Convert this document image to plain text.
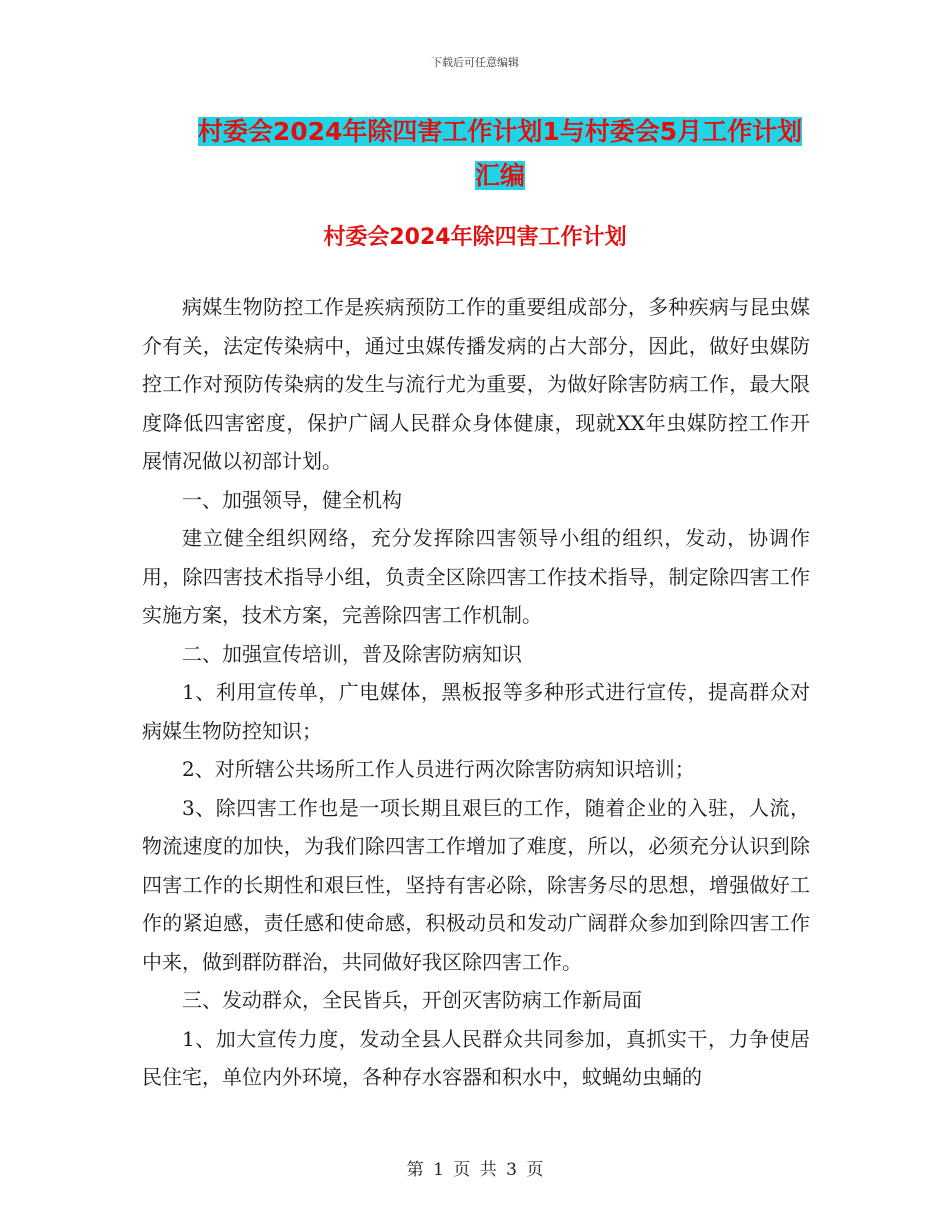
下载后可任意编辑
村委会2024年除四害工作计划1与村委会5月工作计划汇编
村委会2024年除四害工作计划

病媒生物防控工作是疾病预防工作的重要组成部分，多种疾病与昆虫媒介有关，法定传染病中，通过虫媒传播发病的占大部分，因此，做好虫媒防控工作对预防传染病的发生与流行尤为重要，为做好除害防病工作，最大限度降低四害密度，保护广阔人民群众身体健康，现就XX年虫媒防控工作开展情况做以初部计划。

一、加强领导，健全机构

建立健全组织网络，充分发挥除四害领导小组的组织，发动，协调作用，除四害技术指导小组，负责全区除四害工作技术指导，制定除四害工作实施方案，技术方案，完善除四害工作机制。

二、加强宣传培训，普及除害防病知识

1、利用宣传单，广电媒体，黑板报等多种形式进行宣传，提高群众对病媒生物防控知识；

2、对所辖公共场所工作人员进行两次除害防病知识培训；

3、除四害工作也是一项长期且艰巨的工作，随着企业的入驻，人流，物流速度的加快，为我们除四害工作增加了难度，所以，必须充分认识到除四害工作的长期性和艰巨性，坚持有害必除，除害务尽的思想，增强做好工作的紧迫感，责任感和使命感，积极动员和发动广阔群众参加到除四害工作中来，做到群防群治，共同做好我区除四害工作。

三、发动群众，全民皆兵，开创灭害防病工作新局面

1、加大宣传力度，发动全县人民群众共同参加，真抓实干，力争使居民住宅，单位内外环境，各种存水容器和积水中，蚊蝇幼虫蛹的

第 1 页 共 3 页
